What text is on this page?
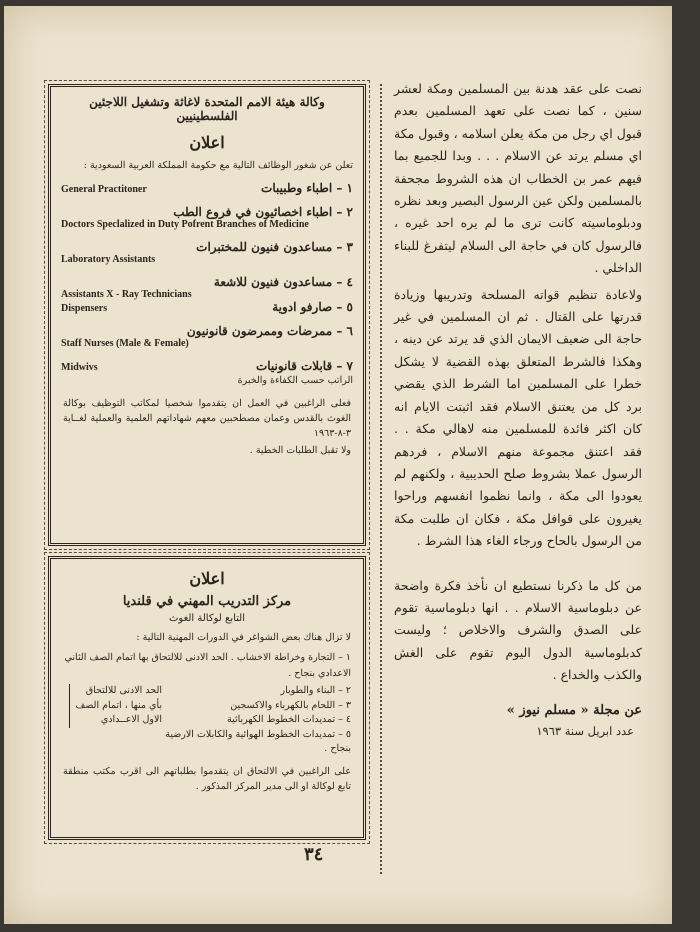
نصت على عقد هدنة بين المسلمين ومكة لعشر سنين ، كما نصت على تعهد المسلمين بعدم قبول اي رجل من مكة يعلن اسلامه ، وقبول مكة اي مسلم يرتد عن الاسلام . . . وبدا للجميع بما فيهم عمر بن الخطاب ان هذه الشروط مجحفة بالمسلمين ولكن عين الرسول البصير وبعد نظره ودبلوماسيته كانت ترى ما لم يره احد غيره ، فالرسول كان في حاجة الى السلام ليتفرغ للبناء الداخلي .

ولاعادة تنظيم قواته المسلحة وتدريبها وزيادة قدرتها على القتال . ثم ان المسلمين في غير حاجة الى ضعيف الايمان الذي قد يرتد عن دينه ، وهكذا فالشرط المتعلق بهذه القضية لا يشكل خطرا على المسلمين اما الشرط الذي يقضي برد كل من يعتنق الاسلام فقد اثبتت الايام انه كان اكثر فائدة للمسلمين منه لاهالي مكة . . فقد اعتنق مجموعة منهم الاسلام ، فردهم الرسول عملا بشروط صلح الحديبية ، ولكنهم لم يعودوا الى مكة ، وانما نظموا انفسهم وراحوا يغيرون على قوافل مكة ، فكان ان طلبت مكة من الرسول بالحاح ورجاء الغاء هذا الشرط .

من كل ما ذكرنا نستطيع ان نأخذ فكرة واضحة عن دبلوماسية الاسلام . . انها دبلوماسية تقوم على الصدق والشرف والاخلاص ؛ وليست كدبلوماسية الدول اليوم تقوم على الغش والكذب والخداع .

عن مجلة « مسلم نيوز »
عدد ابريل سنة ١٩٦٣
وكالة هيئة الامم المتحدة لاغاثة وتشغيل اللاجئين الفلسطينيين
اعلان
تعلن عن شغور الوظائف التالية مع حكومة المملكة العربية السعودية :
General Practitoner	١ – اطباء وطبيبات
٢ – اطباء اخصائيون في فروع الطب
Doctors Speclalized in Duty Pofrent Branches of Medicine
٣ – مساعدون فنيون للمختبرات
Laboratory Assistants
٤ – مساعدون فنيون للاشعة
Assistants X - Ray Technicians
Dispensers	٥ – صارفو ادوية
٦ – ممرضات وممرضون قانونيون
Staff Nurses (Male & Female)
Midwivs	٧ – قابلات قانونيات
الراتب حسب الكفاءة والخبرة
فعلى الراغبين في العمل ان يتقدموا شخصيا لمكاتب التوظيف بوكالة الغوث بالقدس وعمان مصطحبين معهم شهاداتهم العلمية والعملية لغــاية ٣-٨-١٩٦٣
ولا تقبل الطلبات الخطية .
اعلان
مركز التدريب المهني في قلنديا
التابع لوكالة الغوث
لا تزال هناك بعض الشواغر في الدورات المهنية التالية :
١ – التجارة وخراطة الاخشاب . الحد الادنى للالتحاق بها اتمام الصف الثاني الاعدادي بنجاح .
٢ – البناء والطوبار
٣ – اللحام بالكهرباء والاكسجين
٤ – تمديدات الخطوط الكهربائية
٥ – تمديدات الخطوط الهوائية والكابلات الارضية بنجاح .
الحد الادنى للالتحاق بأي منها ، اتمام الصف الاول الاعــدادي
على الراغبين في الالتحاق ان يتقدموا بطلباتهم الى اقرب مكتب منطقة تابع لوكالة او الى مدير المركز المذكور .
٣٤
